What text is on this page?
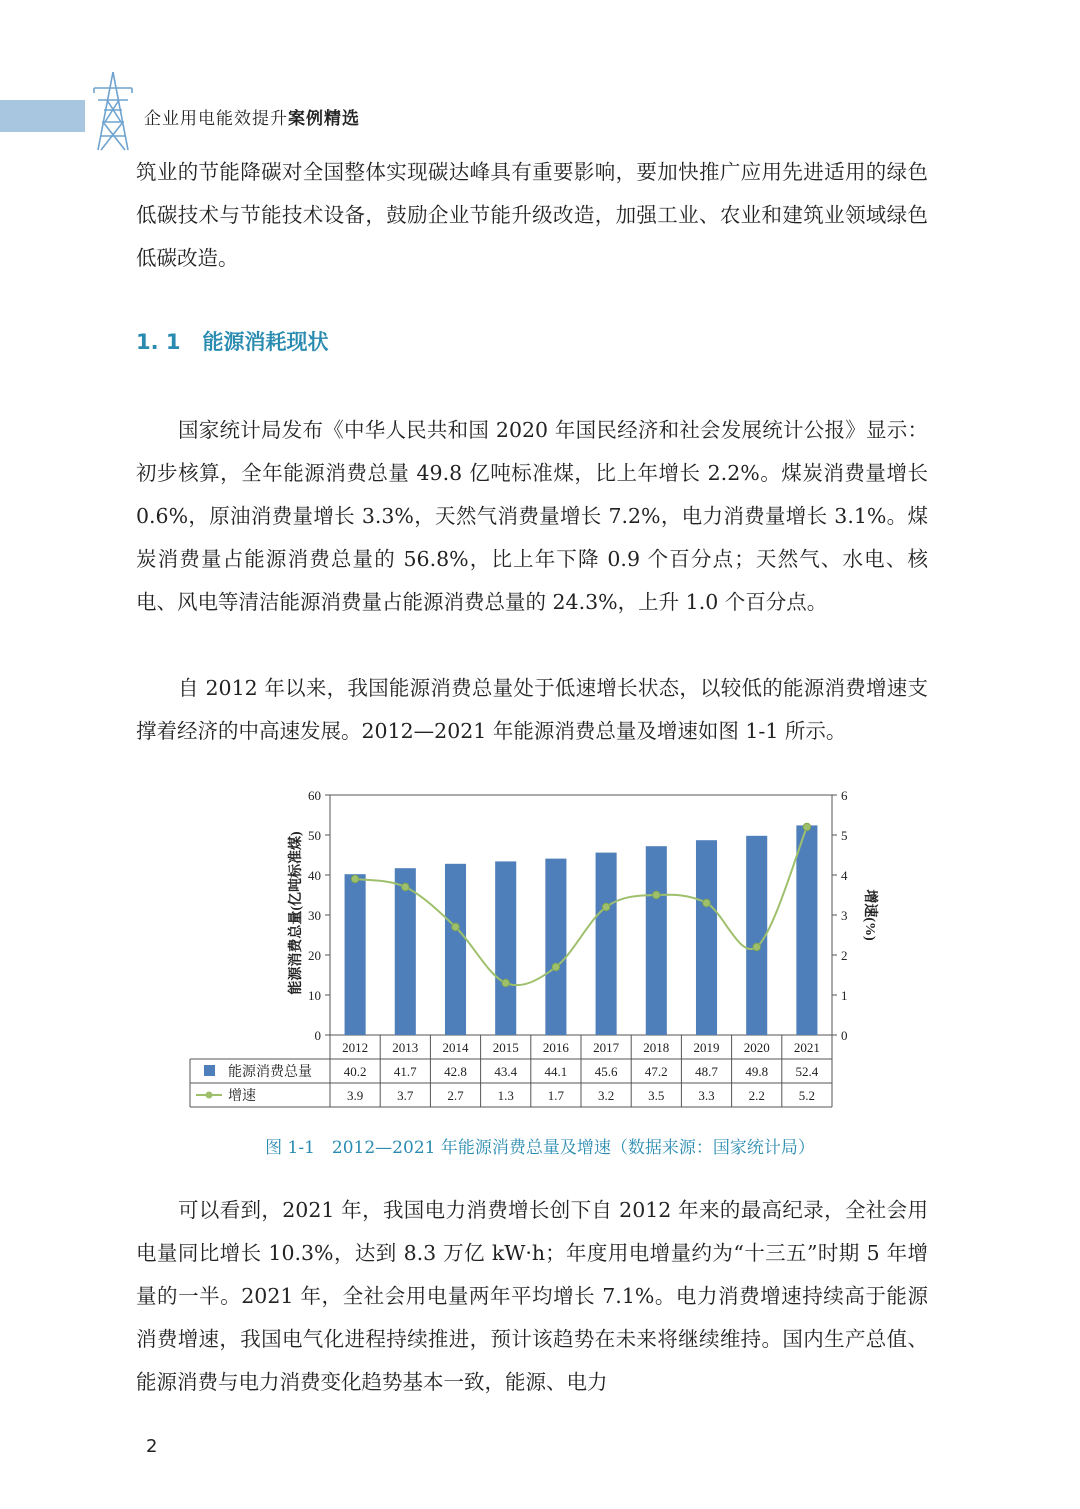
企业用电能效提升案例精选
筑业的节能降碳对全国整体实现碳达峰具有重要影响，要加快推广应用先进适用的绿色低碳技术与节能技术设备，鼓励企业节能升级改造，加强工业、农业和建筑业领域绿色低碳改造。
1. 1 能源消耗现状
国家统计局发布《中华人民共和国 2020 年国民经济和社会发展统计公报》显示：初步核算，全年能源消费总量 49.8 亿吨标准煤，比上年增长 2.2%。煤炭消费量增长 0.6%，原油消费量增长 3.3%，天然气消费量增长 7.2%，电力消费量增长 3.1%。煤炭消费量占能源消费总量的 56.8%，比上年下降 0.9 个百分点；天然气、水电、核电、风电等清洁能源消费量占能源消费总量的 24.3%，上升 1.0 个百分点。
自 2012 年以来，我国能源消费总量处于低速增长状态，以较低的能源消费增速支撑着经济的中高速发展。2012—2021 年能源消费总量及增速如图 1-1 所示。
0
10
20
30
40
50
60
0
1
2
3
4
5
6
能源消费总量(亿吨标准煤)	增速(%)
2012
40.2
3.9
2013
41.7
3.7
2014
42.8
2.7
2015
43.4
1.3
2016
44.1
1.7
2017
45.6
3.2
2018
47.2
3.5
2019
48.7
3.3
2020
49.8
2.2
2021
52.4
5.2
能源消费总量
增速
图 1-1　2012—2021 年能源消费总量及增速（数据来源：国家统计局）
可以看到，2021 年，我国电力消费增长创下自 2012 年来的最高纪录，全社会用电量同比增长 10.3%，达到 8.3 万亿 kW·h；年度用电增量约为“十三五”时期 5 年增量的一半。2021 年，全社会用电量两年平均增长 7.1%。电力消费增速持续高于能源消费增速，我国电气化进程持续推进，预计该趋势在未来将继续维持。国内生产总值、能源消费与电力消费变化趋势基本一致，能源、电力
2
